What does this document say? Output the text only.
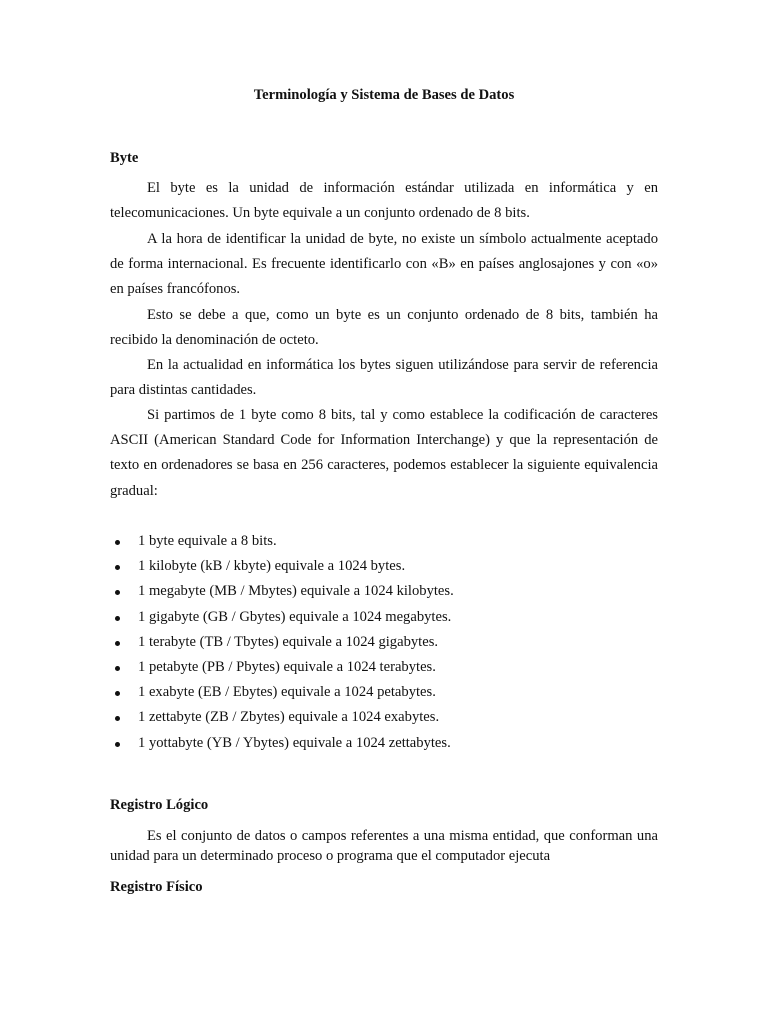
Terminología y Sistema de Bases de Datos
Byte

El byte es la unidad de información estándar utilizada en informática y en telecomunicaciones. Un byte equivale a un conjunto ordenado de 8 bits.

A la hora de identificar la unidad de byte, no existe un símbolo actualmente aceptado de forma internacional. Es frecuente identificarlo con «B» en países anglosajones y con «o» en países francófonos.

Esto se debe a que, como un byte es un conjunto ordenado de 8 bits, también ha recibido la denominación de octeto.

En la actualidad en informática los bytes siguen utilizándose para servir de referencia para distintas cantidades.

Si partimos de 1 byte como 8 bits, tal y como establece la codificación de caracteres ASCII (American Standard Code for Information Interchange) y que la representación de texto en ordenadores se basa en 256 caracteres, podemos establecer la siguiente equivalencia gradual:

1 byte equivale a 8 bits.
1 kilobyte (kB / kbyte) equivale a 1024 bytes.
1 megabyte (MB / Mbytes) equivale a 1024 kilobytes.
1 gigabyte (GB / Gbytes) equivale a 1024 megabytes.
1 terabyte (TB / Tbytes) equivale a 1024 gigabytes.
1 petabyte (PB / Pbytes) equivale a 1024 terabytes.
1 exabyte (EB / Ebytes) equivale a 1024 petabytes.
1 zettabyte (ZB / Zbytes) equivale a 1024 exabytes.
1 yottabyte (YB / Ybytes) equivale a 1024 zettabytes.
Registro Lógico

Es el conjunto de datos o campos referentes a una misma entidad, que conforman una unidad para un determinado proceso o programa que el computador ejecuta

Registro Físico
